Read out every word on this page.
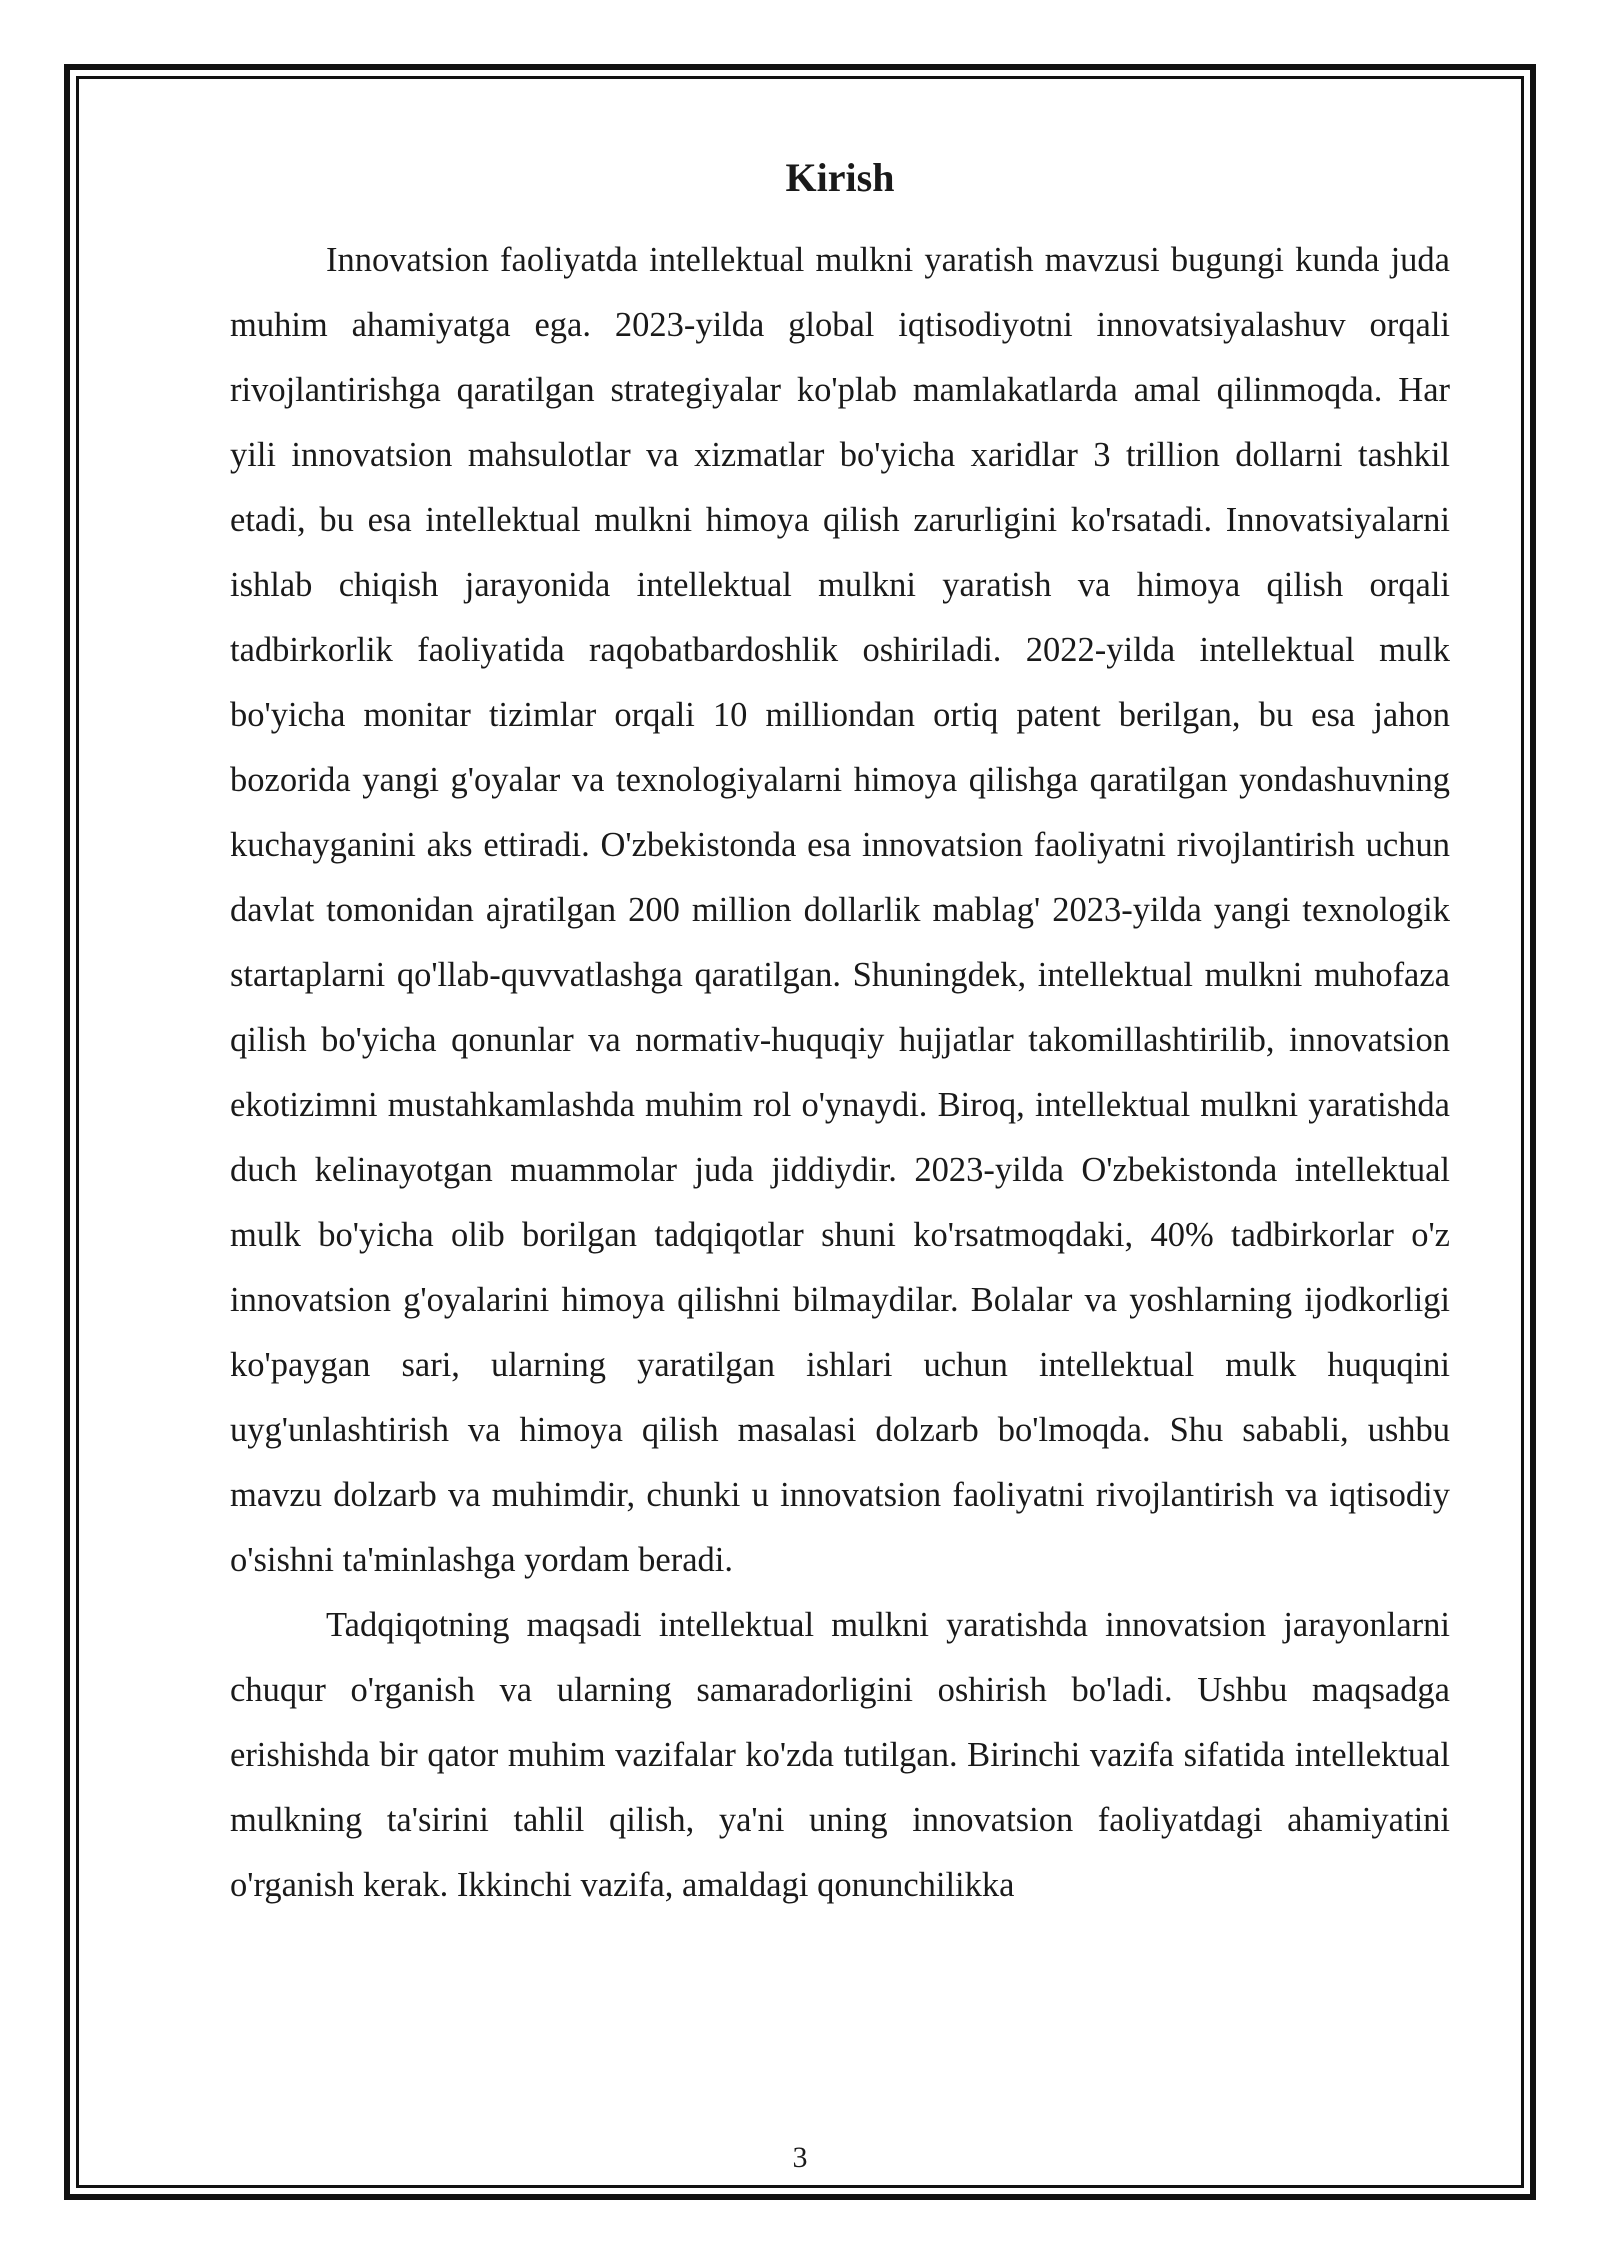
Kirish

Innovatsion faoliyatda intellektual mulkni yaratish mavzusi bugungi kunda juda muhim ahamiyatga ega. 2023-yilda global iqtisodiyotni innovatsiyalashuv orqali rivojlantirishga qaratilgan strategiyalar ko'plab mamlakatlarda amal qilinmoqda. Har yili innovatsion mahsulotlar va xizmatlar bo'yicha xaridlar 3 trillion dollarni tashkil etadi, bu esa intellektual mulkni himoya qilish zarurligini ko'rsatadi. Innovatsiyalarni ishlab chiqish jarayonida intellektual mulkni yaratish va himoya qilish orqali tadbirkorlik faoliyatida raqobatbardoshlik oshiriladi. 2022-yilda intellektual mulk bo'yicha monitar tizimlar orqali 10 milliondan ortiq patent berilgan, bu esa jahon bozorida yangi g'oyalar va texnologiyalarni himoya qilishga qaratilgan yondashuvning kuchayganini aks ettiradi. O'zbekistonda esa innovatsion faoliyatni rivojlantirish uchun davlat tomonidan ajratilgan 200 million dollarlik mablag' 2023-yilda yangi texnologik startaplarni qo'llab-quvvatlashga qaratilgan. Shuningdek, intellektual mulkni muhofaza qilish bo'yicha qonunlar va normativ-huquqiy hujjatlar takomillashtirilib, innovatsion ekotizimni mustahkamlashda muhim rol o'ynaydi. Biroq, intellektual mulkni yaratishda duch kelinayotgan muammolar juda jiddiydir. 2023-yilda O'zbekistonda intellektual mulk bo'yicha olib borilgan tadqiqotlar shuni ko'rsatmoqdaki, 40% tadbirkorlar o'z innovatsion g'oyalarini himoya qilishni bilmaydilar. Bolalar va yoshlarning ijodkorligi ko'paygan sari, ularning yaratilgan ishlari uchun intellektual mulk huquqini uyg'unlashtirish va himoya qilish masalasi dolzarb bo'lmoqda. Shu sababli, ushbu mavzu dolzarb va muhimdir, chunki u innovatsion faoliyatni rivojlantirish va iqtisodiy o'sishni ta'minlashga yordam beradi.

Tadqiqotning maqsadi intellektual mulkni yaratishda innovatsion jarayonlarni chuqur o'rganish va ularning samaradorligini oshirish bo'ladi. Ushbu maqsadga erishishda bir qator muhim vazifalar ko'zda tutilgan. Birinchi vazifa sifatida intellektual mulkning ta'sirini tahlil qilish, ya'ni uning innovatsion faoliyatdagi ahamiyatini o'rganish kerak. Ikkinchi vazifa, amaldagi qonunchilikka

3
